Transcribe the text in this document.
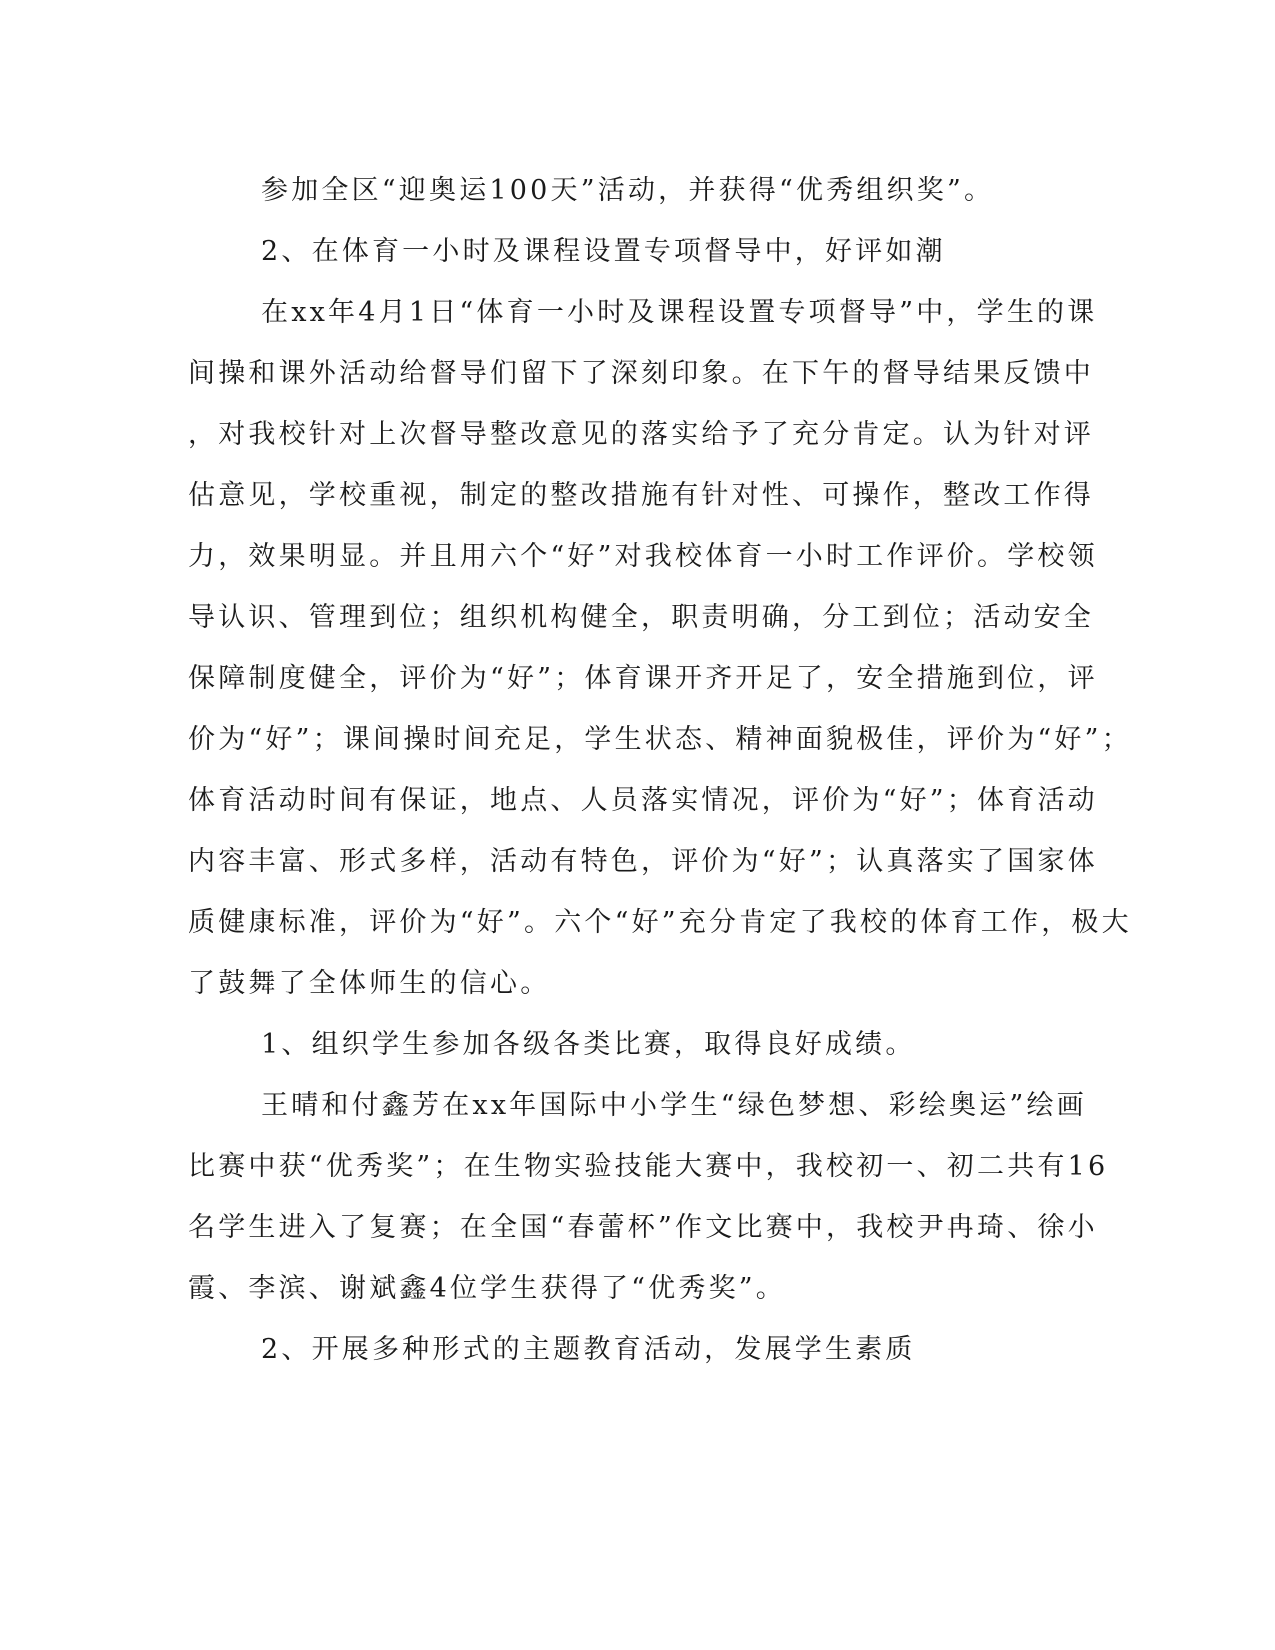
参加全区“迎奥运100天”活动，并获得“优秀组织奖”。
2、在体育一小时及课程设置专项督导中，好评如潮
在xx年4月1日“体育一小时及课程设置专项督导”中，学生的课
间操和课外活动给督导们留下了深刻印象。在下午的督导结果反馈中
，对我校针对上次督导整改意见的落实给予了充分肯定。认为针对评
估意见，学校重视，制定的整改措施有针对性、可操作，整改工作得
力，效果明显。并且用六个“好”对我校体育一小时工作评价。学校领
导认识、管理到位；组织机构健全，职责明确，分工到位；活动安全
保障制度健全，评价为“好”；体育课开齐开足了，安全措施到位，评
价为“好”；课间操时间充足，学生状态、精神面貌极佳，评价为“好”；
体育活动时间有保证，地点、人员落实情况，评价为“好”；体育活动
内容丰富、形式多样，活动有特色，评价为“好”；认真落实了国家体
质健康标准，评价为“好”。六个“好”充分肯定了我校的体育工作，极大
了鼓舞了全体师生的信心。
1、组织学生参加各级各类比赛，取得良好成绩。
王晴和付鑫芳在xx年国际中小学生“绿色梦想、彩绘奥运”绘画
比赛中获“优秀奖”；在生物实验技能大赛中，我校初一、初二共有16
名学生进入了复赛；在全国“春蕾杯”作文比赛中，我校尹冉琦、徐小
霞、李滨、谢斌鑫4位学生获得了“优秀奖”。
2、开展多种形式的主题教育活动，发展学生素质
